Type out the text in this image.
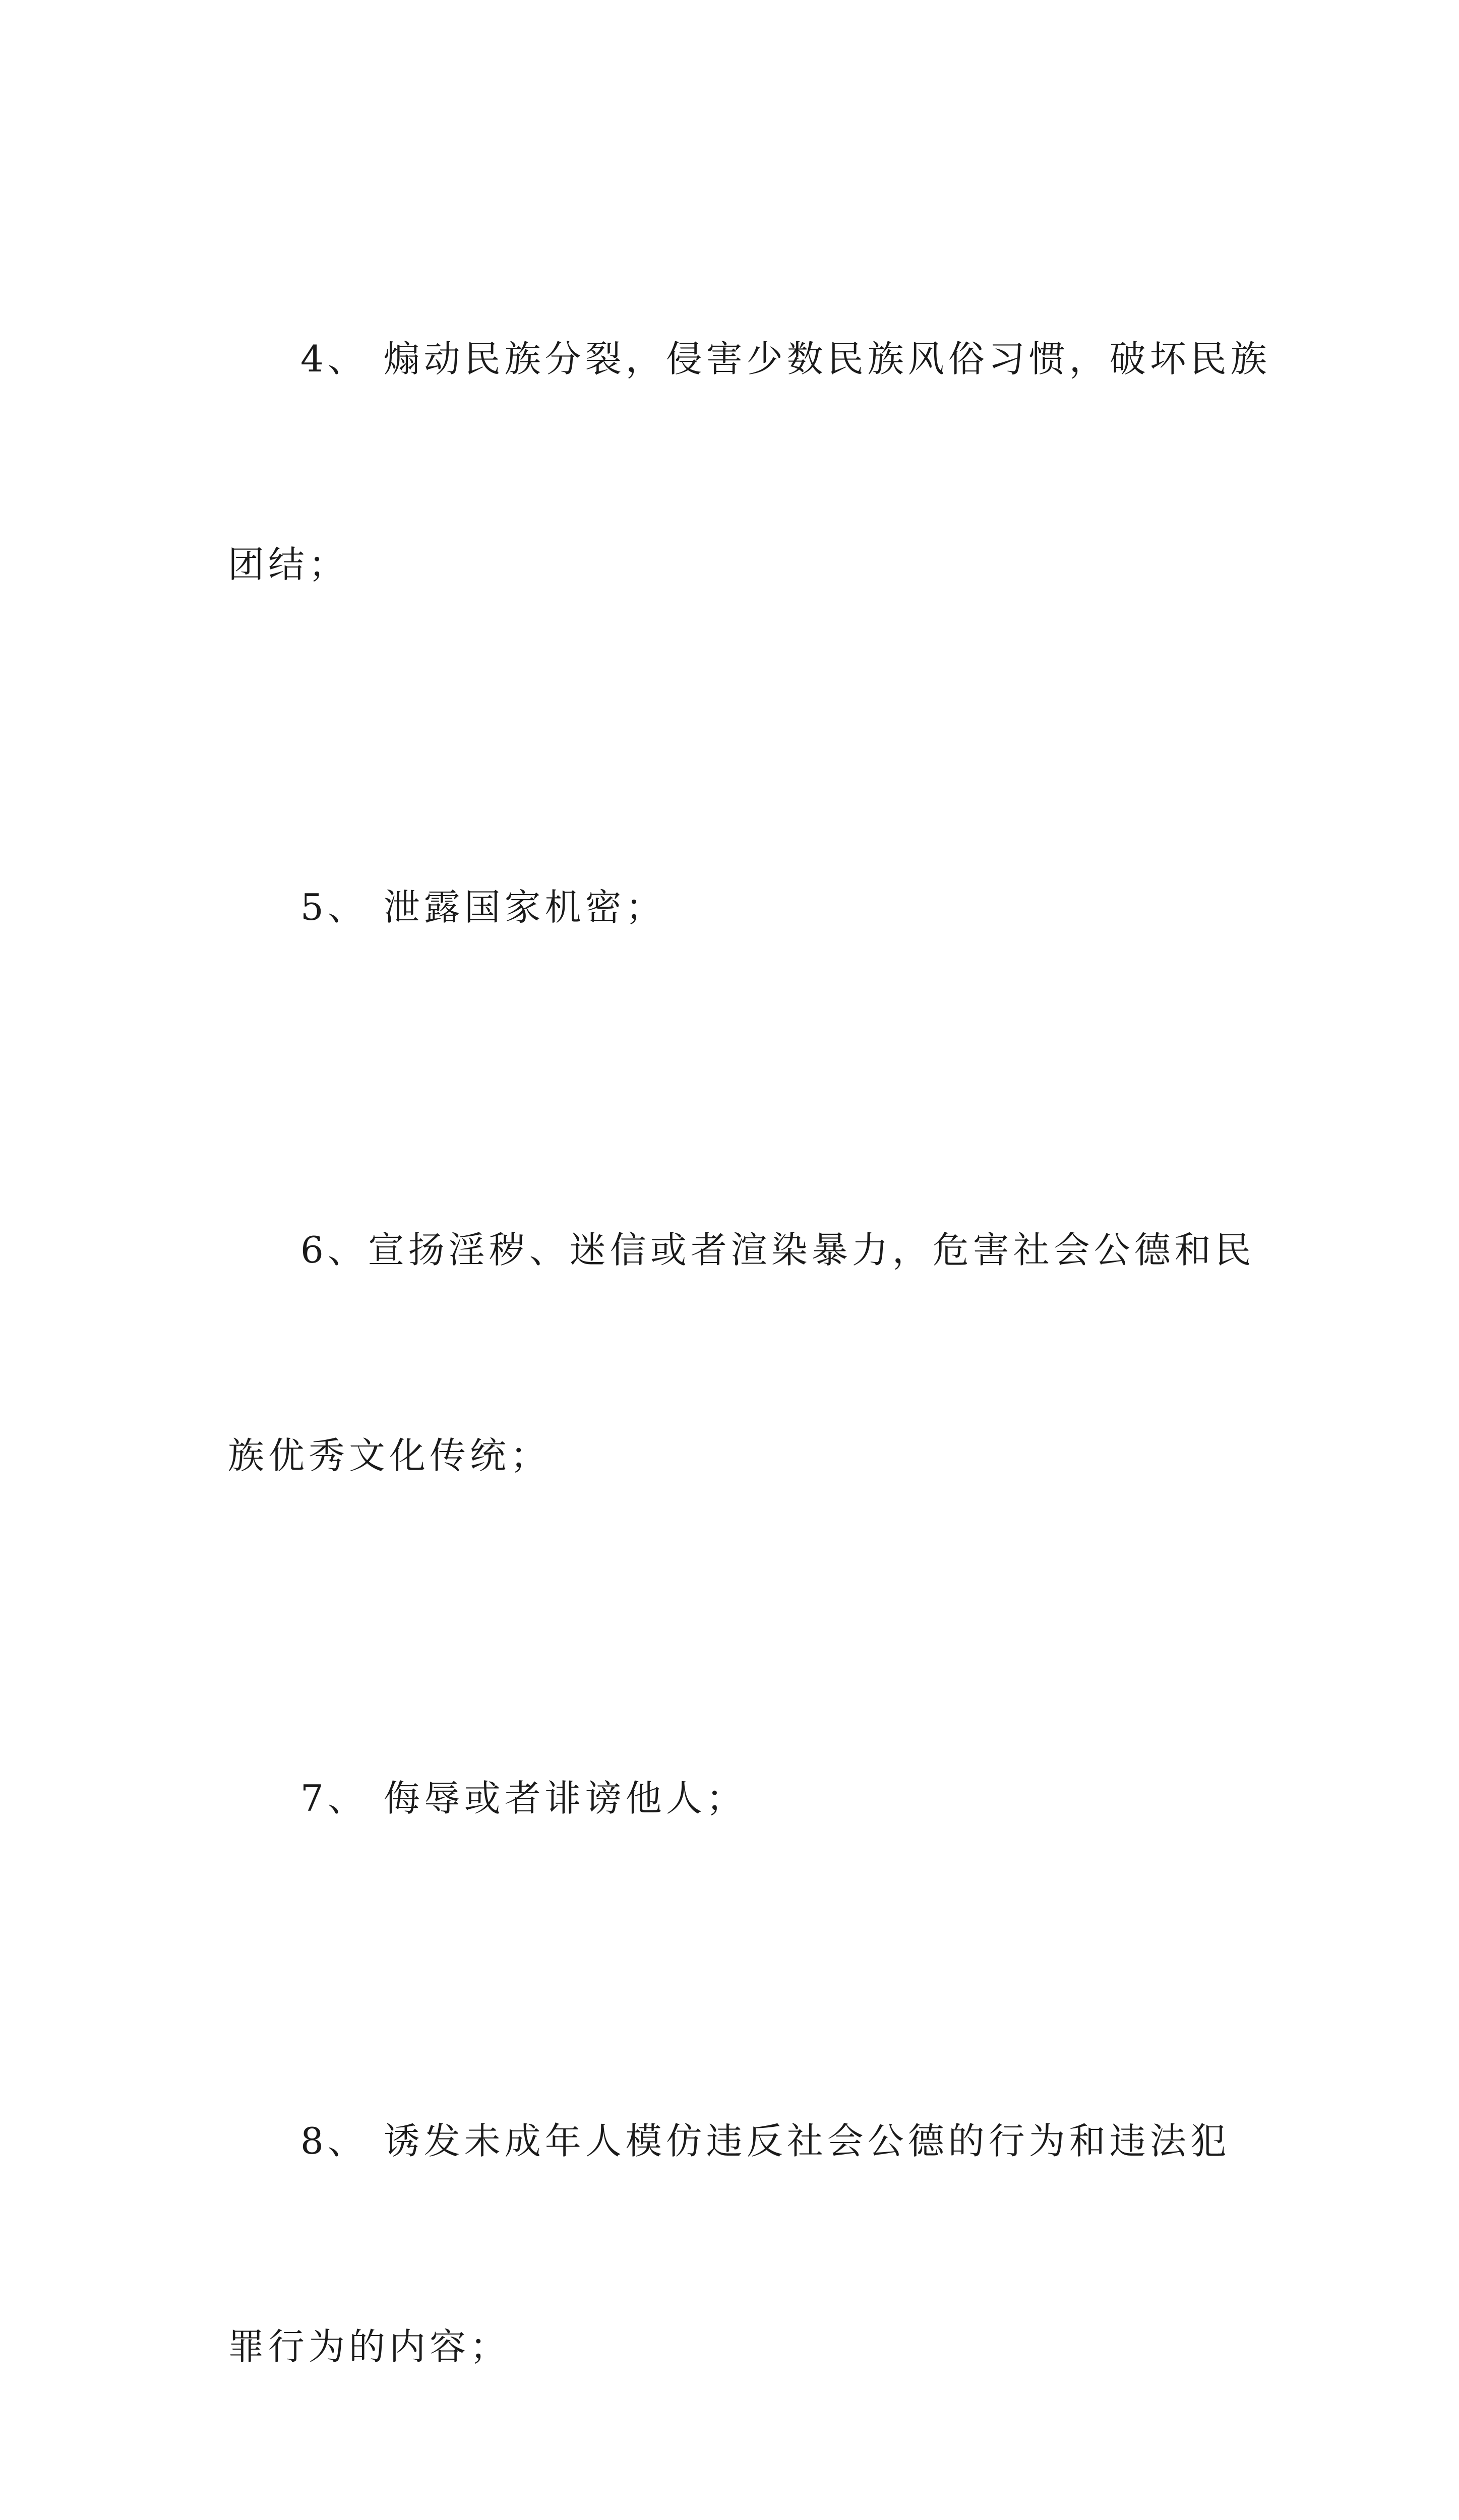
4、 煽动民族分裂，侵害少数民族风俗习惯，破坏民族

团结；

5、 泄露国家机密；

6、宣扬淫秽、迷信或者渲染暴力，危害社会公德和民

族优秀文化传统；

7、 侮辱或者诽谤他人；

8、 诱发未成年人模仿违反社会公德的行为和违法犯

罪行为的内容；
